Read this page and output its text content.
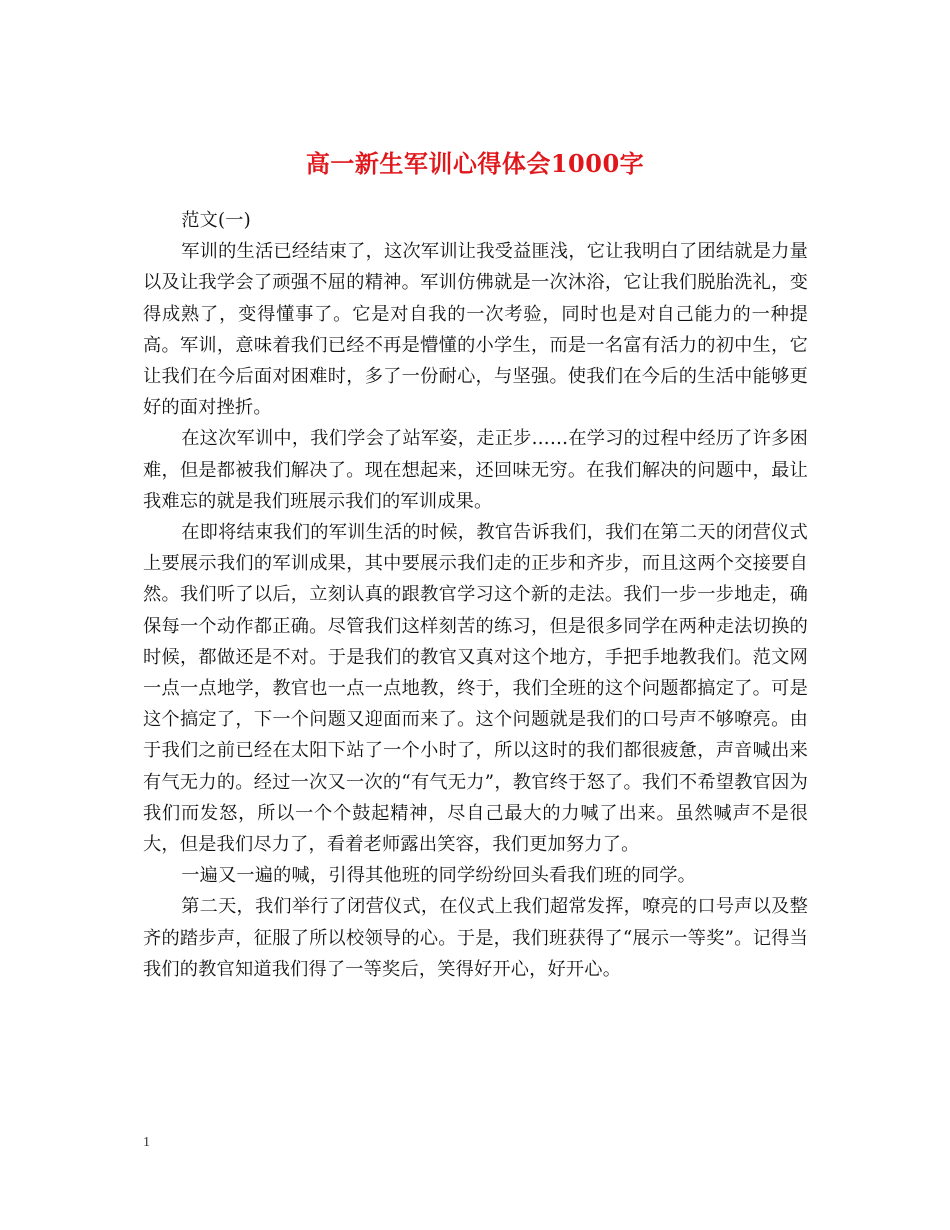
高一新生军训心得体会1000字

范文(一)

军训的生活已经结束了，这次军训让我受益匪浅，它让我明白了团结就是力量以及让我学会了顽强不屈的精神。军训仿佛就是一次沐浴，它让我们脱胎洗礼，变得成熟了，变得懂事了。它是对自我的一次考验，同时也是对自己能力的一种提高。军训，意味着我们已经不再是懵懂的小学生，而是一名富有活力的初中生，它让我们在今后面对困难时，多了一份耐心，与坚强。使我们在今后的生活中能够更好的面对挫折。

在这次军训中，我们学会了站军姿，走正步……在学习的过程中经历了许多困难，但是都被我们解决了。现在想起来，还回味无穷。在我们解决的问题中，最让我难忘的就是我们班展示我们的军训成果。

在即将结束我们的军训生活的时候，教官告诉我们，我们在第二天的闭营仪式上要展示我们的军训成果，其中要展示我们走的正步和齐步，而且这两个交接要自然。我们听了以后，立刻认真的跟教官学习这个新的走法。我们一步一步地走，确保每一个动作都正确。尽管我们这样刻苦的练习，但是很多同学在两种走法切换的时候，都做还是不对。于是我们的教官又真对这个地方，手把手地教我们。范文网一点一点地学，教官也一点一点地教，终于，我们全班的这个问题都搞定了。可是这个搞定了，下一个问题又迎面而来了。这个问题就是我们的口号声不够嘹亮。由于我们之前已经在太阳下站了一个小时了，所以这时的我们都很疲惫，声音喊出来有气无力的。经过一次又一次的“有气无力”，教官终于怒了。我们不希望教官因为我们而发怒，所以一个个鼓起精神，尽自己最大的力喊了出来。虽然喊声不是很大，但是我们尽力了，看着老师露出笑容，我们更加努力了。

一遍又一遍的喊，引得其他班的同学纷纷回头看我们班的同学。

第二天，我们举行了闭营仪式，在仪式上我们超常发挥，嘹亮的口号声以及整齐的踏步声，征服了所以校领导的心。于是，我们班获得了“展示一等奖”。记得当我们的教官知道我们得了一等奖后，笑得好开心，好开心。

1
